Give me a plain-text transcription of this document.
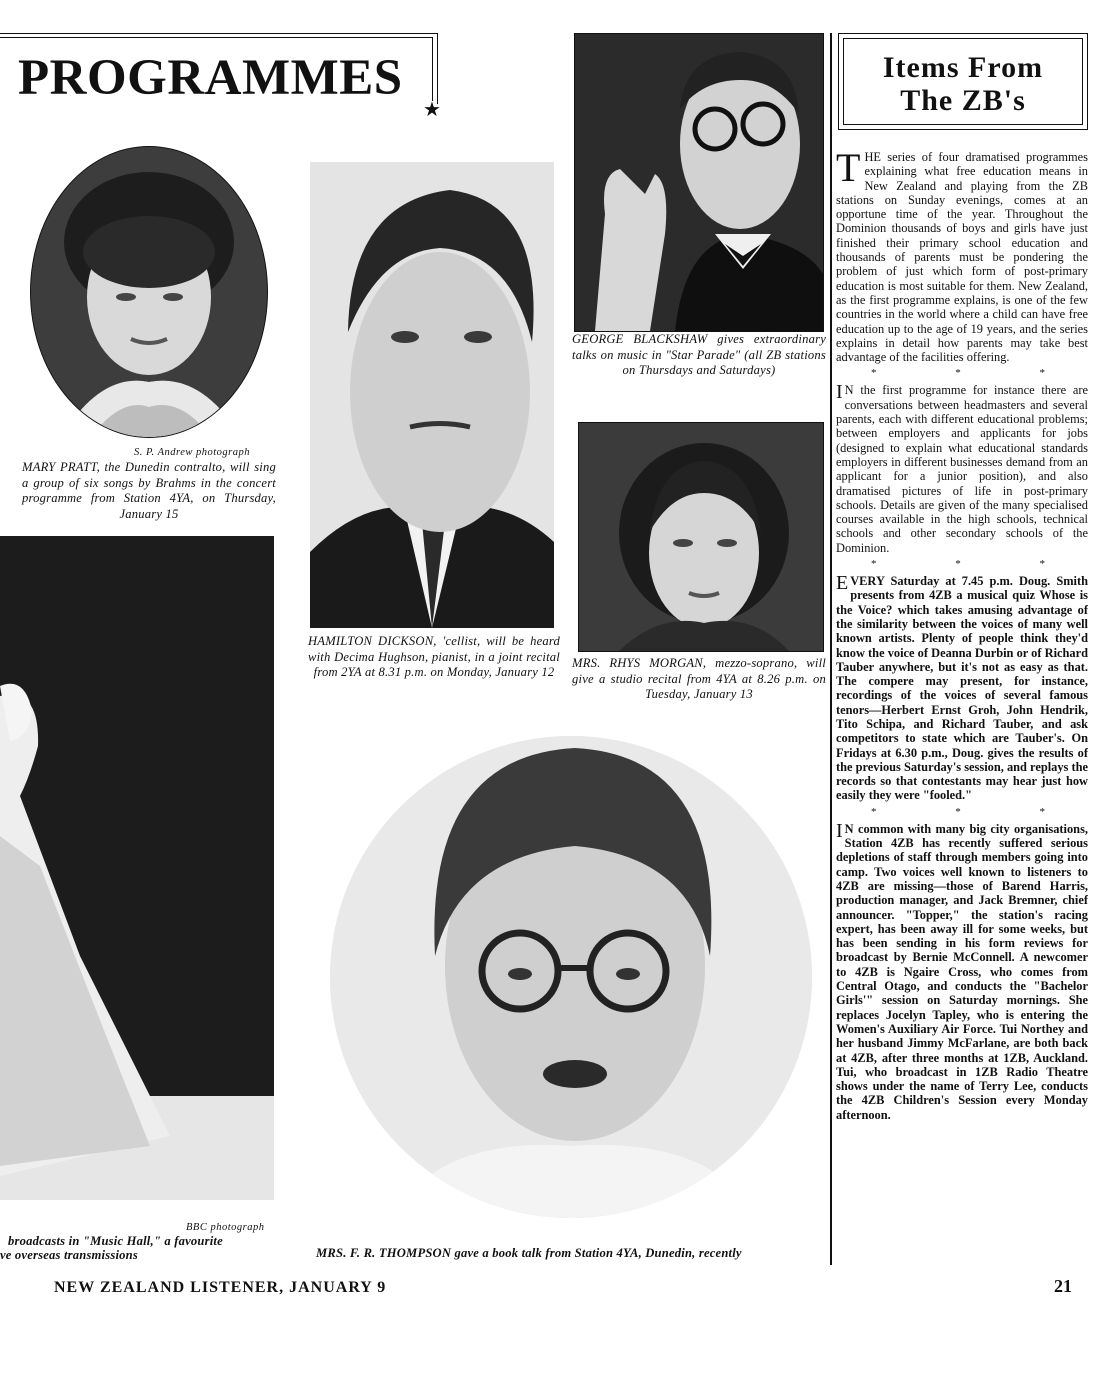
PROGRAMMES
★
S. P. Andrew photograph
MARY PRATT, the Dunedin contralto, will sing a group of six songs by Brahms in the concert programme from Station 4YA, on Thursday, January 15
HAMILTON DICKSON, 'cellist, will be heard with Decima Hughson, pianist, in a joint recital from 2YA at 8.31 p.m. on Monday, January 12
GEORGE BLACKSHAW gives extraordinary talks on music in "Star Parade" (all ZB stations on Thursdays and Saturdays)
MRS. RHYS MORGAN, mezzo-soprano, will give a studio recital from 4YA at 8.26 p.m. on Tuesday, January 13
BBC photograph
broadcasts in "Music Hall," a favourite
ve overseas transmissions	MRS. F. R. THOMPSON gave a book talk from Station 4YA, Dunedin, recently
Items From
The ZB's

THE series of four dramatised programmes explaining what free education means in New Zealand and playing from the ZB stations on Sunday evenings, comes at an opportune time of the year. Throughout the Dominion thousands of boys and girls have just finished their primary school education and thousands of parents must be pondering the problem of just which form of post-primary education is most suitable for them. New Zealand, as the first programme explains, is one of the few countries in the world where a child can have free education up to the age of 19 years, and the series explains in detail how parents may take best advantage of the facilities offering.

* * *

I N the first programme for instance there are conversations between headmasters and several parents, each with different educational problems; between employers and applicants for jobs (designed to explain what educational standards employers in different businesses demand from an applicant for a junior position), and also dramatised pictures of life in post-primary schools. Details are given of the many specialised courses available in the high schools, technical schools and other secondary schools of the Dominion.

* * *

EVERY Saturday at 7.45 p.m. Doug. Smith presents from 4ZB a musical quiz Whose is the Voice? which takes amusing advantage of the similarity between the voices of many well known artists. Plenty of people think they'd know the voice of Deanna Durbin or of Richard Tauber anywhere, but it's not as easy as that. The compere may present, for instance, recordings of the voices of several famous tenors—Herbert Ernst Groh, John Hendrik, Tito Schipa, and Richard Tauber, and ask competitors to state which are Tauber's. On Fridays at 6.30 p.m., Doug. gives the results of the previous Saturday's session, and replays the records so that contestants may hear just how easily they were "fooled."

* * *

I N common with many big city organisations, Station 4ZB has recently suffered serious depletions of staff through members going into camp. Two voices well known to listeners to 4ZB are missing—those of Barend Harris, production manager, and Jack Bremner, chief announcer. "Topper," the station's racing expert, has been away ill for some weeks, but has been sending in his form reviews for broadcast by Bernie McConnell. A newcomer to 4ZB is Ngaire Cross, who comes from Central Otago, and conducts the "Bachelor Girls'" session on Saturday mornings. She replaces Jocelyn Tapley, who is entering the Women's Auxiliary Air Force. Tui Northey and her husband Jimmy McFarlane, are both back at 4ZB, after three months at 1ZB, Auckland. Tui, who broadcast in 1ZB Radio Theatre shows under the name of Terry Lee, conducts the 4ZB Children's Session every Monday afternoon.

NEW ZEALAND LISTENER, JANUARY 9	21
